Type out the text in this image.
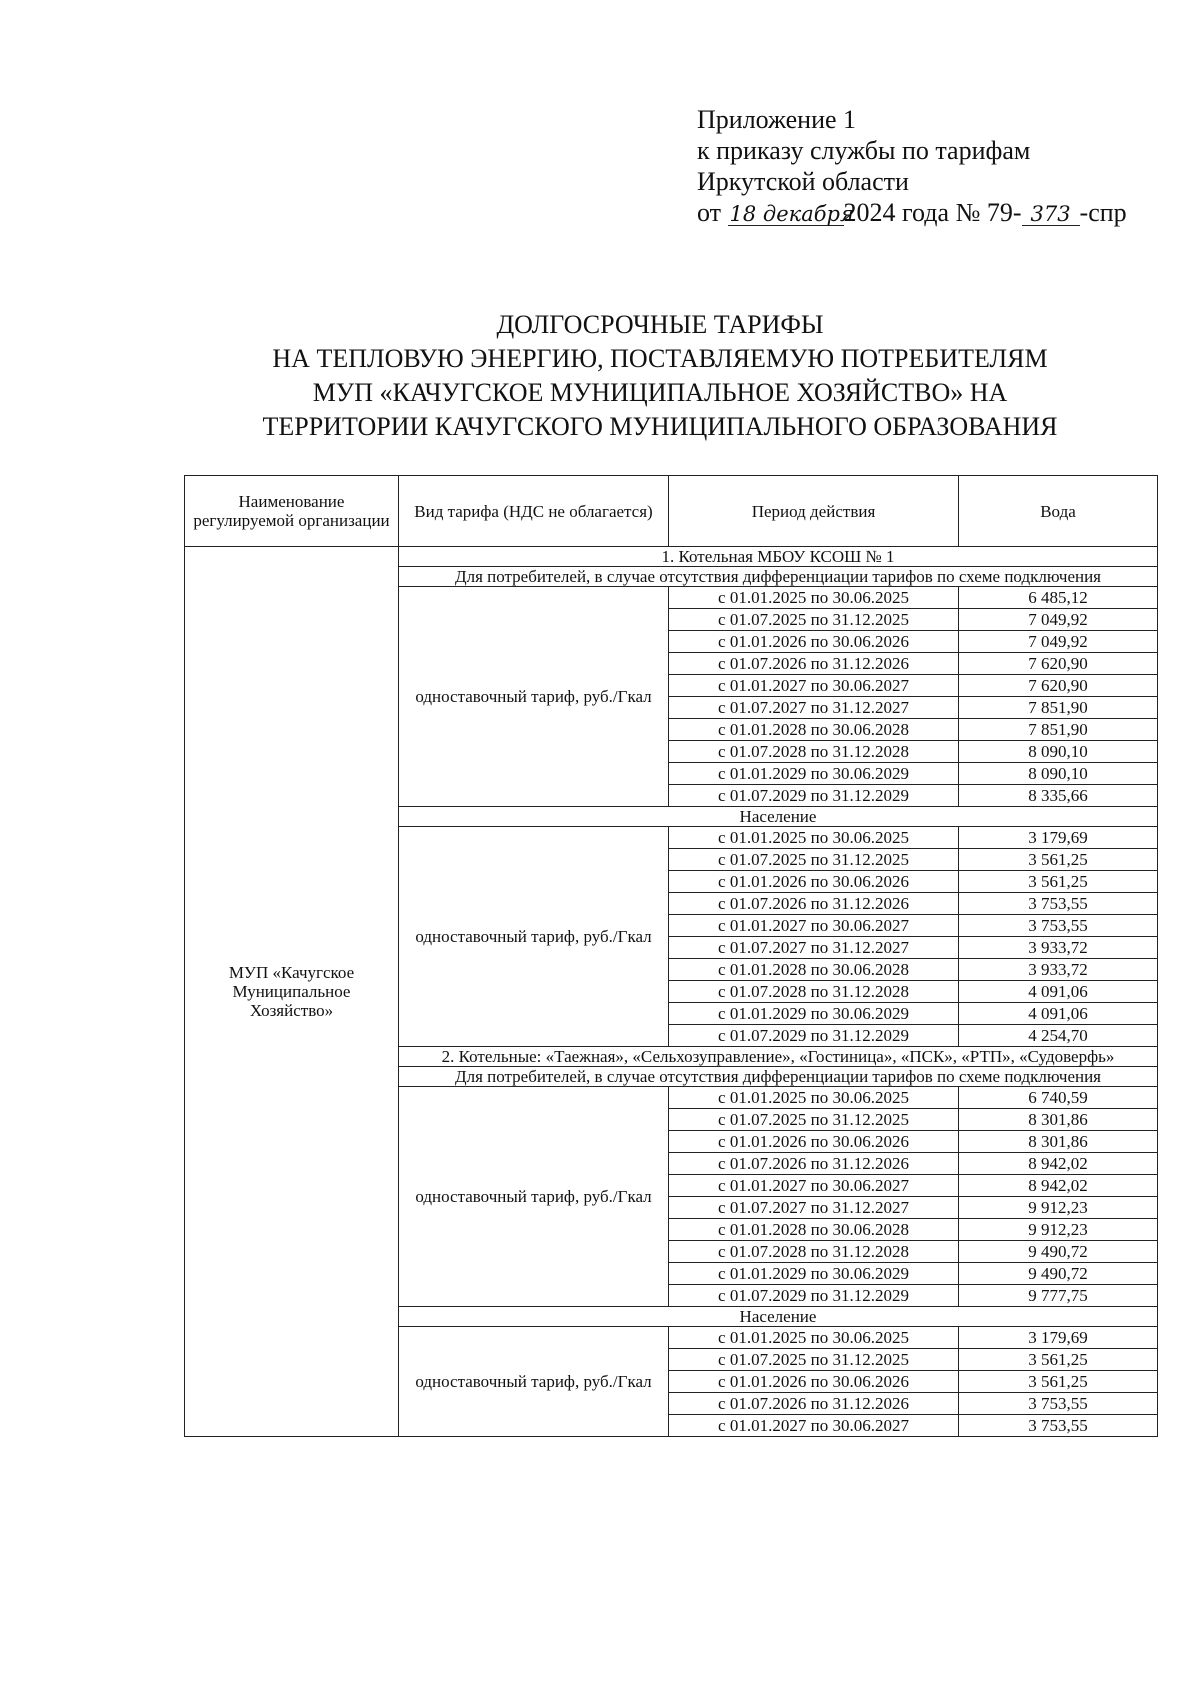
Приложение 1
к приказу службы по тарифам
Иркутской области
от 18 декабря2024 года № 79- 373 -спр
ДОЛГОСРОЧНЫЕ ТАРИФЫ
НА ТЕПЛОВУЮ ЭНЕРГИЮ, ПОСТАВЛЯЕМУЮ ПОТРЕБИТЕЛЯМ
МУП «КАЧУГСКОЕ МУНИЦИПАЛЬНОЕ ХОЗЯЙСТВО» НА
ТЕРРИТОРИИ КАЧУГСКОГО МУНИЦИПАЛЬНОГО ОБРАЗОВАНИЯ
Наименование регулируемой организации	Вид тарифа (НДС не облагается)	Период действия	Вода
МУП «Качугское Муниципальное Хозяйство»	1. Котельная МБОУ КСОШ № 1		
	Для потребителей, в случае отсутствия дифференциации тарифов по схеме подключения		
	одноставочный тариф, руб./Гкал	с 01.01.2025 по 30.06.2025	6 485,12
		с 01.07.2025 по 31.12.2025	7 049,92
		с 01.01.2026 по 30.06.2026	7 049,92
		с 01.07.2026 по 31.12.2026	7 620,90
		с 01.01.2027 по 30.06.2027	7 620,90
		с 01.07.2027 по 31.12.2027	7 851,90
		с 01.01.2028 по 30.06.2028	7 851,90
		с 01.07.2028 по 31.12.2028	8 090,10
		с 01.01.2029 по 30.06.2029	8 090,10
		с 01.07.2029 по 31.12.2029	8 335,66
	Население		
	одноставочный тариф, руб./Гкал	с 01.01.2025 по 30.06.2025	3 179,69
		с 01.07.2025 по 31.12.2025	3 561,25
		с 01.01.2026 по 30.06.2026	3 561,25
		с 01.07.2026 по 31.12.2026	3 753,55
		с 01.01.2027 по 30.06.2027	3 753,55
		с 01.07.2027 по 31.12.2027	3 933,72
		с 01.01.2028 по 30.06.2028	3 933,72
		с 01.07.2028 по 31.12.2028	4 091,06
		с 01.01.2029 по 30.06.2029	4 091,06
		с 01.07.2029 по 31.12.2029	4 254,70
	2. Котельные: «Таежная», «Сельхозуправление», «Гостиница», «ПСК», «РТП», «Судоверфь»		
	Для потребителей, в случае отсутствия дифференциации тарифов по схеме подключения		
	одноставочный тариф, руб./Гкал	с 01.01.2025 по 30.06.2025	6 740,59
		с 01.07.2025 по 31.12.2025	8 301,86
		с 01.01.2026 по 30.06.2026	8 301,86
		с 01.07.2026 по 31.12.2026	8 942,02
		с 01.01.2027 по 30.06.2027	8 942,02
		с 01.07.2027 по 31.12.2027	9 912,23
		с 01.01.2028 по 30.06.2028	9 912,23
		с 01.07.2028 по 31.12.2028	9 490,72
		с 01.01.2029 по 30.06.2029	9 490,72
		с 01.07.2029 по 31.12.2029	9 777,75
	Население		
	одноставочный тариф, руб./Гкал	с 01.01.2025 по 30.06.2025	3 179,69
		с 01.07.2025 по 31.12.2025	3 561,25
		с 01.01.2026 по 30.06.2026	3 561,25
		с 01.07.2026 по 31.12.2026	3 753,55
		с 01.01.2027 по 30.06.2027	3 753,55
